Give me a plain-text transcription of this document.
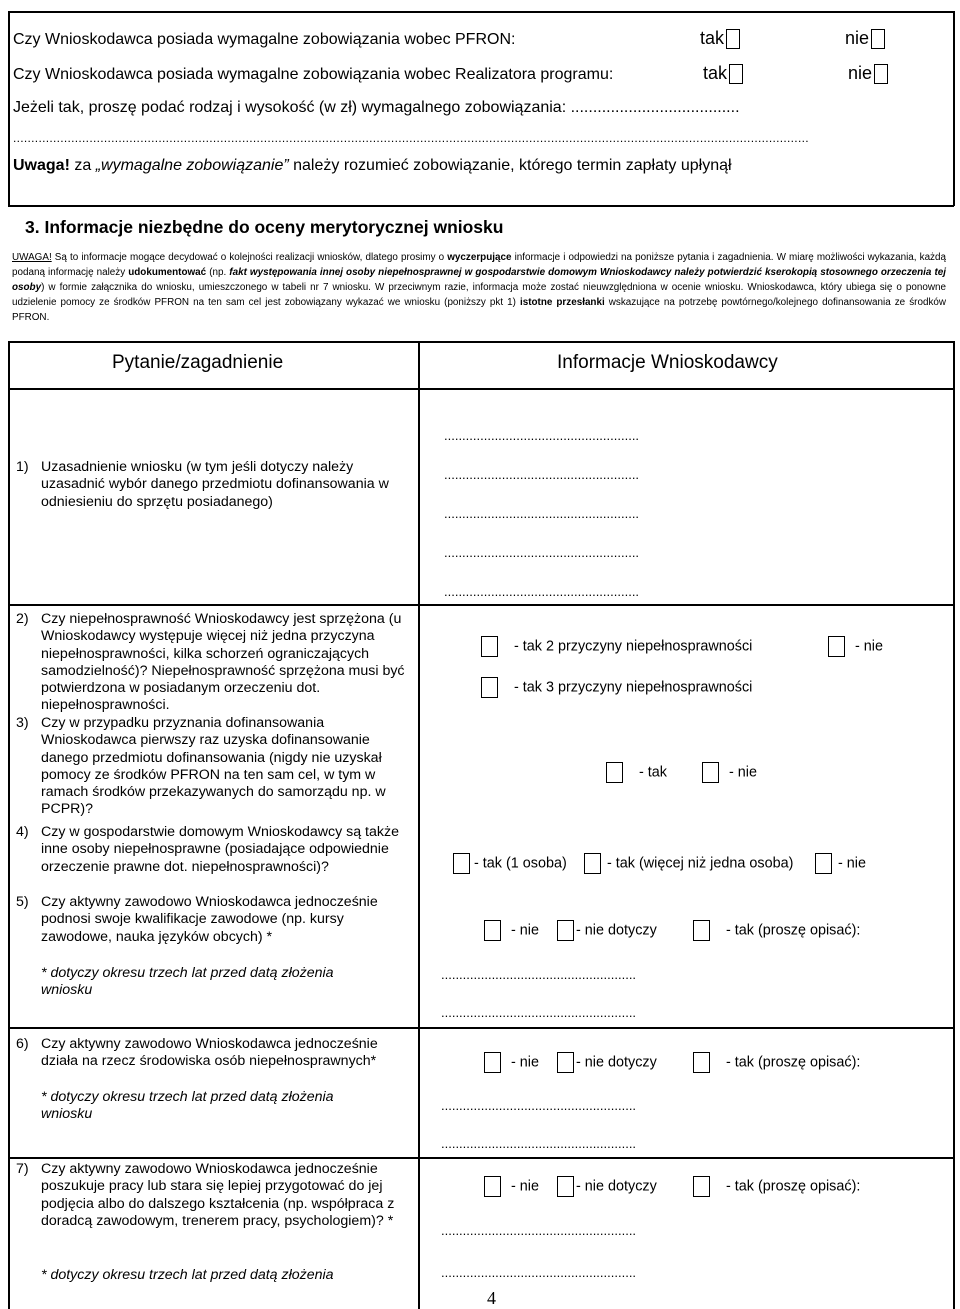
Czy Wnioskodawca posiada wymagalne zobowiązania wobec PFRON:	tak	nie
Czy Wnioskodawca posiada wymagalne zobowiązania wobec Realizatora programu:	tak	nie
Jeżeli tak, proszę podać rodzaj i wysokość (w zł) wymagalnego zobowiązania: ......................................
...........................................................................................................................................................................................................................
Uwaga! za „wymagalne zobowiązanie” należy rozumieć zobowiązanie, którego termin zapłaty upłynął
3. Informacje niezbędne do oceny merytorycznej wniosku
UWAGA! Są to informacje mogące decydować o kolejności realizacji wniosków, dlatego prosimy o wyczerpujące informacje i odpowiedzi na poniższe pytania i zagadnienia. W miarę możliwości wykazania, każdą podaną informację należy udokumentować (np. fakt występowania innej osoby niepełnosprawnej w gospodarstwie domowym Wnioskodawcy należy potwierdzić kserokopią stosownego orzeczenia tej osoby) w formie załącznika do wniosku, umieszczonego w tabeli nr 7 wniosku. W przeciwnym razie, informacja może zostać nieuwzględniona w ocenie wniosku. Wnioskodawca, który ubiega się o ponowne udzielenie pomocy ze środków PFRON na ten sam cel jest zobowiązany wykazać we wniosku (poniższy pkt 1) istotne przesłanki wskazujące na potrzebę powtórnego/kolejnego dofinansowania ze środków PFRON.
Pytanie/zagadnienie	Informacje Wnioskodawcy
1) Uzasadnienie wniosku (w tym jeśli dotyczy należy uzasadnić wybór danego przedmiotu dofinansowania w odniesieniu do sprzętu posiadanego)
......................................................
......................................................
......................................................
......................................................
......................................................
2) Czy niepełnosprawność Wnioskodawcy jest sprzężona (u Wnioskodawcy występuje więcej niż jedna przyczyna niepełnosprawności, kilka schorzeń ograniczających samodzielność)? Niepełnosprawność sprzężona musi być potwierdzona w posiadanym orzeczeniu dot. niepełnosprawności.
- tak 2 przyczyny niepełnosprawności	- nie
- tak 3 przyczyny niepełnosprawności
3) Czy w przypadku przyznania dofinansowania Wnioskodawca pierwszy raz uzyska dofinansowanie danego przedmiotu dofinansowania (nigdy nie uzyskał pomocy ze środków PFRON na ten sam cel, w tym w ramach środków przekazywanych do samorządu np. w PCPR)?
- tak	- nie
4) Czy w gospodarstwie domowym Wnioskodawcy są także inne osoby niepełnosprawne (posiadające odpowiednie orzeczenie prawne dot. niepełnosprawności)?	- tak (1 osoba)	- tak (więcej niż jedna osoba)	- nie
5) Czy aktywny zawodowo Wnioskodawca jednocześnie podnosi swoje kwalifikacje zawodowe (np. kursy zawodowe, nauka języków obcych) *
* dotyczy okresu trzech lat przed datą złożenia wniosku
- nie	- nie dotyczy	- tak (proszę opisać):
......................................................
......................................................
6) Czy aktywny zawodowo Wnioskodawca jednocześnie działa na rzecz środowiska osób niepełnosprawnych*
* dotyczy okresu trzech lat przed datą złożenia wniosku
- nie	- nie dotyczy	- tak (proszę opisać):
......................................................
......................................................
7) Czy aktywny zawodowo Wnioskodawca jednocześnie poszukuje pracy lub stara się lepiej przygotować do jej podjęcia albo do dalszego kształcenia (np. współpraca z doradcą zawodowym, trenerem pracy, psychologiem)? *
* dotyczy okresu trzech lat przed datą złożenia
- nie	- nie dotyczy	- tak (proszę opisać):
......................................................
......................................................
4
